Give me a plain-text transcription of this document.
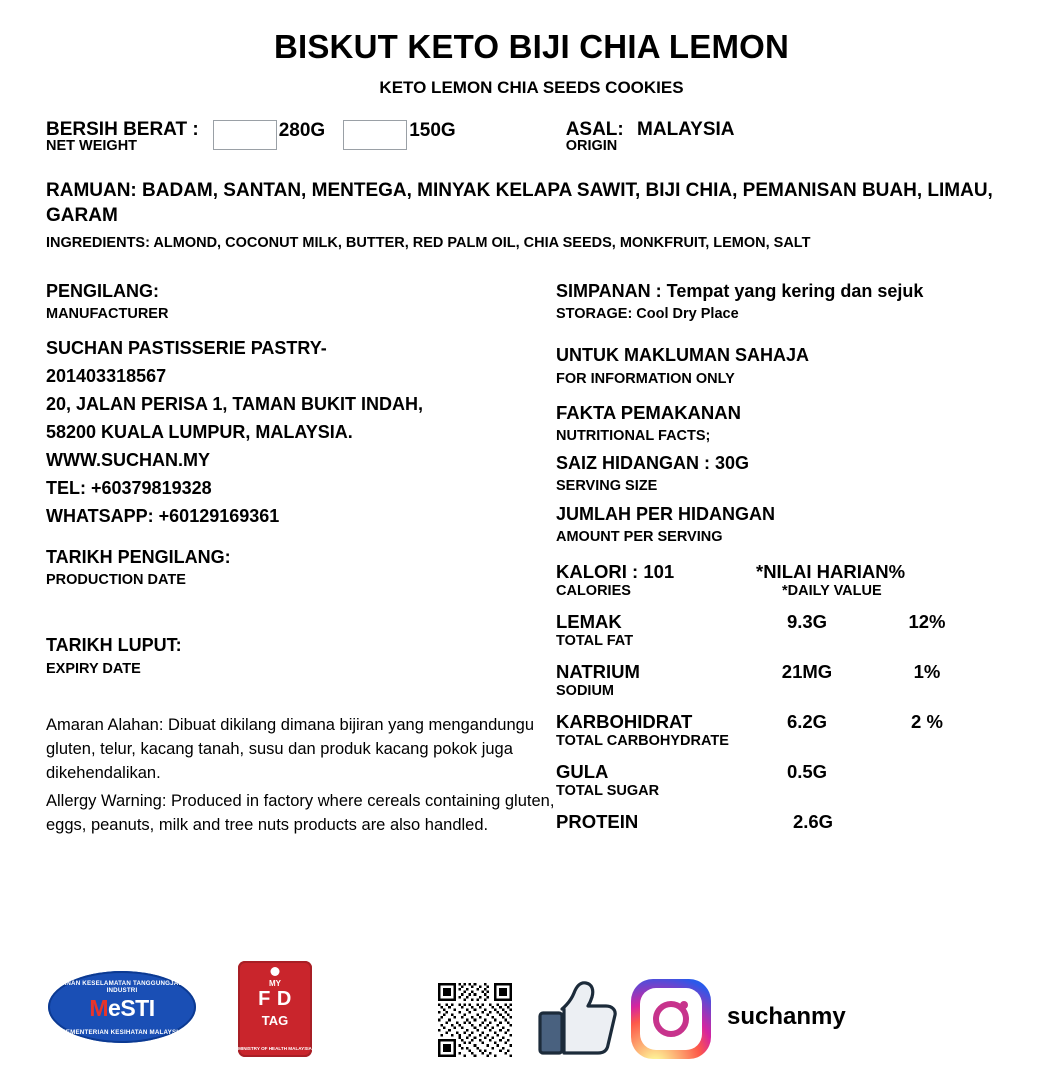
BISKUT KETO BIJI CHIA LEMON
KETO LEMON CHIA SEEDS COOKIES
BERSIH BERAT :
NET WEIGHT
280G	150G	ASAL: MALAYSIA
ORIGIN
RAMUAN: BADAM, SANTAN, MENTEGA, MINYAK KELAPA SAWIT, BIJI CHIA, PEMANISAN BUAH, LIMAU, GARAM
INGREDIENTS: ALMOND, COCONUT MILK, BUTTER, RED PALM OIL, CHIA SEEDS, MONKFRUIT, LEMON, SALT
PENGILANG:
MANUFACTURER
SUCHAN PASTISSERIE PASTRY-
201403318567
20, JALAN PERISA 1, TAMAN BUKIT INDAH,
58200 KUALA LUMPUR, MALAYSIA.
WWW.SUCHAN.MY
TEL: +60379819328
WHATSAPP: +60129169361
TARIKH PENGILANG:
PRODUCTION DATE
TARIKH LUPUT:
EXPIRY DATE
Amaran Alahan: Dibuat dikilang dimana bijiran yang mengandungu gluten, telur, kacang tanah, susu dan produk kacang pokok juga dikehendalikan.
Allergy Warning: Produced in factory where cereals containing gluten, eggs, peanuts, milk and tree nuts products are also handled.
SIMPANAN : Tempat yang kering dan sejuk
STORAGE: Cool Dry Place
UNTUK MAKLUMAN SAHAJA
FOR INFORMATION ONLY
FAKTA PEMAKANAN
NUTRITIONAL FACTS;
SAIZ HIDANGAN : 30G
SERVING SIZE
JUMLAH PER HIDANGAN
AMOUNT PER SERVING
KALORI : 101	*NILAI HARIAN%
CALORIES	*DAILY VALUE
LEMAK	9.3G	12%
TOTAL FAT
NATRIUM	21MG	1%
SODIUM
KARBOHIDRAT	6.2G	2 %
TOTAL CARBOHYDRATE
GULA	0.5G
TOTAL SUGAR
PROTEIN	2.6G
JAMINAN KESELAMATAN TANGGUNGJAWAB INDUSTRI
MeSTI
KEMENTERIAN KESIHATAN MALAYSIA
MY
F D
TAG
MINISTRY OF HEALTH MALAYSIA
suchanmy
